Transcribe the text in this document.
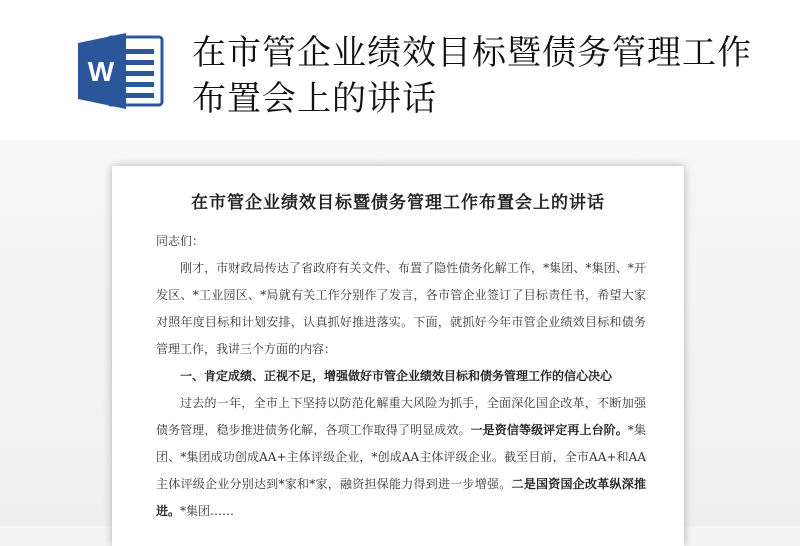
W 在市管企业绩效目标暨债务管理工作布置会上的讲话
在市管企业绩效目标暨债务管理工作布置会上的讲话

同志们：

刚才，市财政局传达了省政府有关文件、布置了隐性债务化解工作，*集团、*集团、*开发区、*工业园区、*局就有关工作分别作了发言，各市管企业签订了目标责任书，希望大家对照年度目标和计划安排，认真抓好推进落实。下面，就抓好今年市管企业绩效目标和债务管理工作，我讲三个方面的内容：

一、肯定成绩、正视不足，增强做好市管企业绩效目标和债务管理工作的信心决心

过去的一年，全市上下坚持以防范化解重大风险为抓手，全面深化国企改革，不断加强债务管理，稳步推进债务化解，各项工作取得了明显成效。一是资信等级评定再上台阶。*集团、*集团成功创成AA+主体评级企业，*创成AA主体评级企业。截至目前，全市AA+和AA主体评级企业分别达到*家和*家，融资担保能力得到进一步增强。二是国资国企改革纵深推进。*集团……
